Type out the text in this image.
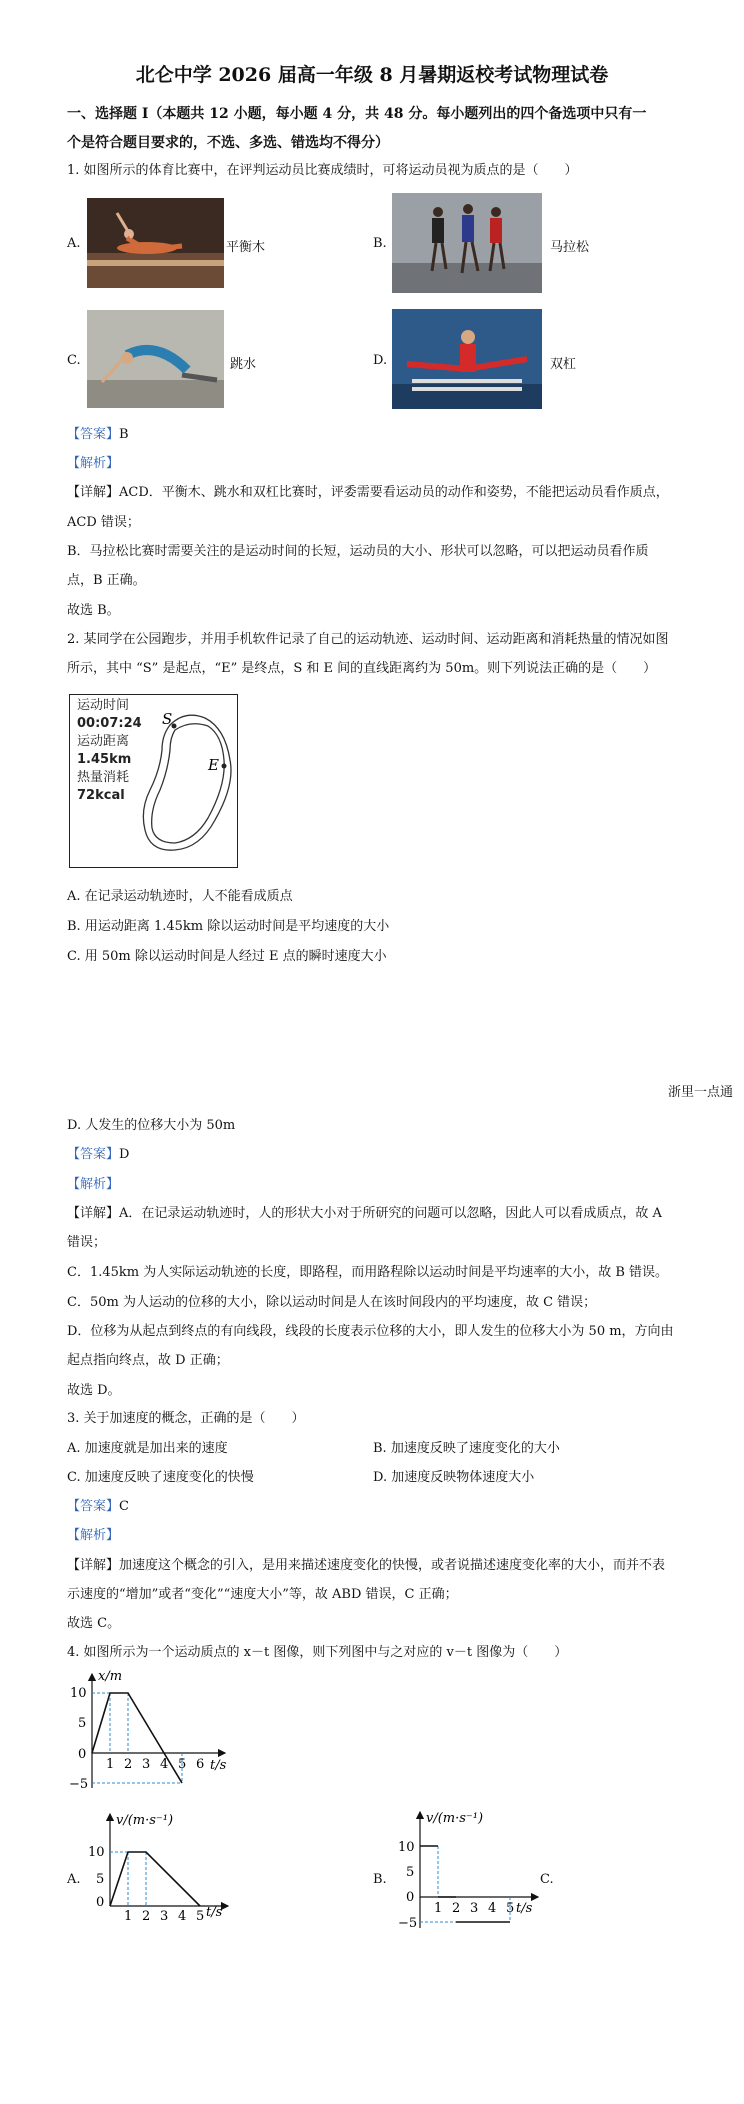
北仑中学 2026 届高一年级 8 月暑期返校考试物理试卷
一、选择题 I（本题共 12 小题，每小题 4 分，共 48 分。每小题列出的四个备选项中只有一
个是符合题目要求的，不选、多选、错选均不得分）
1. 如图所示的体育比赛中，在评判运动员比赛成绩时，可将运动员视为质点的是（　　）
A.	平衡木	B.	马拉松
C.	跳水	D.	双杠
【答案】B
【解析】
【详解】ACD．平衡木、跳水和双杠比赛时，评委需要看运动员的动作和姿势，不能把运动员看作质点，
ACD 错误；
B．马拉松比赛时需要关注的是运动时间的长短，运动员的大小、形状可以忽略，可以把运动员看作质
点，B 正确。
故选 B。
2. 某同学在公园跑步，并用手机软件记录了自己的运动轨迹、运动时间、运动距离和消耗热量的情况如图
所示，其中 “S” 是起点，“E” 是终点，S 和 E 间的直线距离约为 50m。则下列说法正确的是（　　）
运动时间
00:07:24
运动距离
1.45km
热量消耗
72kcal
S
E
A. 在记录运动轨迹时，人不能看成质点
B. 用运动距离 1.45km 除以运动时间是平均速度的大小
C. 用 50m 除以运动时间是人经过 E 点的瞬时速度大小
浙里一点通
D. 人发生的位移大小为 50m
【答案】D
【解析】
【详解】A．在记录运动轨迹时，人的形状大小对于所研究的问题可以忽略，因此人可以看成质点，故 A
错误；
C．1.45km 为人实际运动轨迹的长度，即路程，而用路程除以运动时间是平均速率的大小，故 B 错误。
C．50m 为人运动的位移的大小，除以运动时间是人在该时间段内的平均速度，故 C 错误；
D．位移为从起点到终点的有向线段，线段的长度表示位移的大小，即人发生的位移大小为 50 m，方向由
起点指向终点，故 D 正确；
故选 D。
3. 关于加速度的概念，正确的是（　　）
A. 加速度就是加出来的速度	B. 加速度反映了速度变化的大小
C. 加速度反映了速度变化的快慢	D. 加速度反映物体速度大小
【答案】C
【解析】
【详解】加速度这个概念的引入，是用来描述速度变化的快慢，或者说描述速度变化率的大小，而并不表
示速度的“增加”或者“变化”“速度大小”等，故 ABD 错误，C 正确；
故选 C。
4. 如图所示为一个运动质点的 x－t 图像，则下列图中与之对应的 v－t 图像为（　　）
x/m
t/s
10
5
0
−5
1 2 3 4 5 6
A.
v/(m·s⁻¹)
t/s
10
5
0
1 2 3 4 5
B.
v/(m·s⁻¹)
t/s
10
5
0
−5
1 2 3 4 5
C.
